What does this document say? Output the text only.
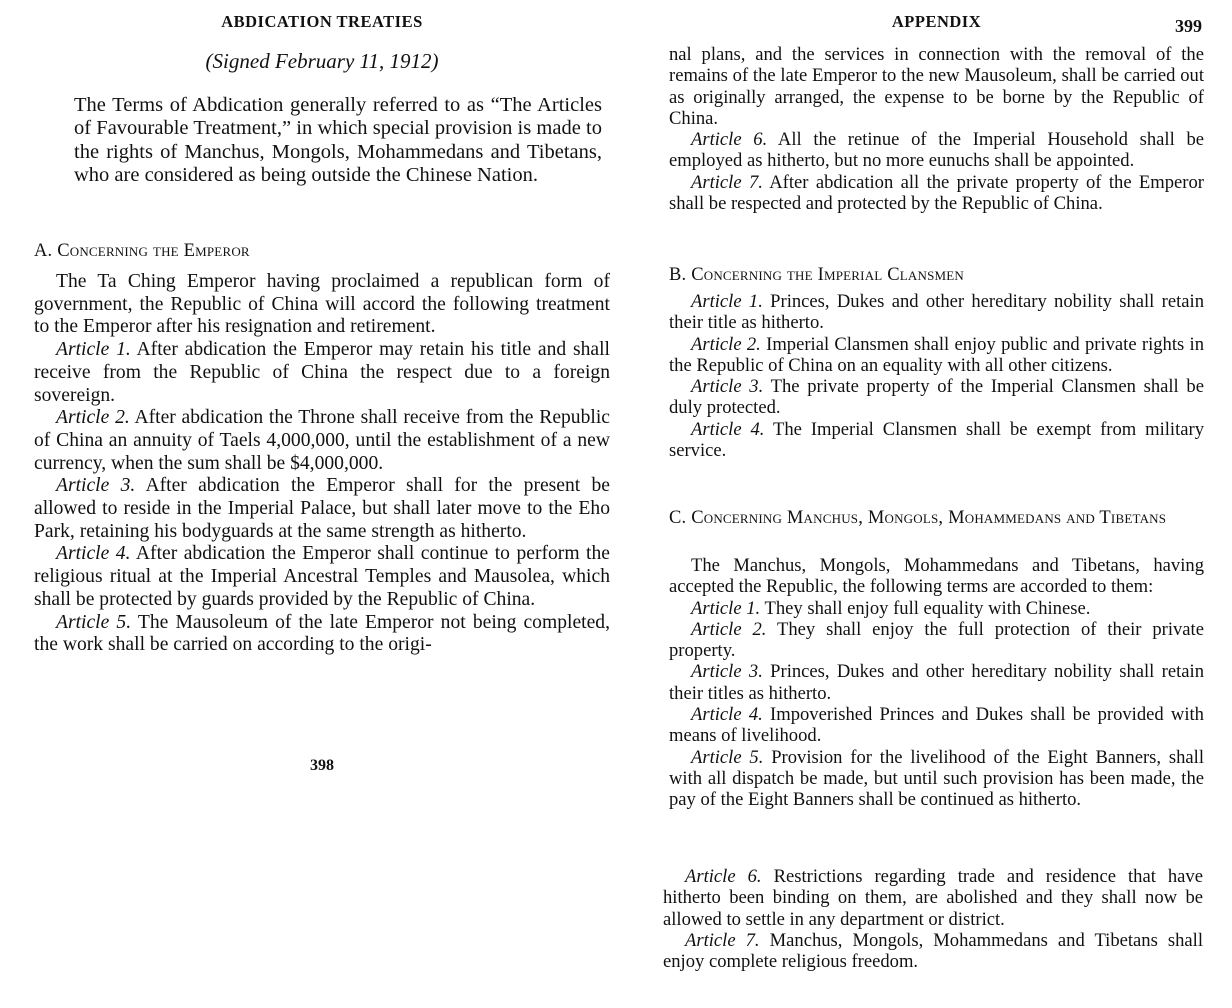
ABDICATION TREATIES
(Signed February 11, 1912)
The Terms of Abdication generally referred to as “The Articles of Favourable Treatment,” in which special provision is made to the rights of Manchus, Mongols, Mohammedans and Tibetans, who are considered as being outside the Chinese Nation.
A. Concerning the Emperor

The Ta Ching Emperor having proclaimed a republican form of government, the Republic of China will accord the following treatment to the Emperor after his resignation and retirement.

Article 1. After abdication the Emperor may retain his title and shall receive from the Republic of China the respect due to a foreign sovereign.

Article 2. After abdication the Throne shall receive from the Republic of China an annuity of Taels 4,000,000, until the establishment of a new currency, when the sum shall be $4,000,000.

Article 3. After abdication the Emperor shall for the present be allowed to reside in the Imperial Palace, but shall later move to the Eho Park, retaining his bodyguards at the same strength as hitherto.

Article 4. After abdication the Emperor shall continue to perform the religious ritual at the Imperial Ancestral Temples and Mausolea, which shall be protected by guards provided by the Republic of China.

Article 5. The Mausoleum of the late Emperor not being completed, the work shall be carried on according to the origi-

398
APPENDIX	399

nal plans, and the services in connection with the removal of the remains of the late Emperor to the new Mausoleum, shall be carried out as originally arranged, the expense to be borne by the Republic of China.

Article 6. All the retinue of the Imperial Household shall be employed as hitherto, but no more eunuchs shall be appointed.

Article 7. After abdication all the private property of the Emperor shall be respected and protected by the Republic of China.

B. Concerning the Imperial Clansmen

Article 1. Princes, Dukes and other hereditary nobility shall retain their title as hitherto.

Article 2. Imperial Clansmen shall enjoy public and private rights in the Republic of China on an equality with all other citizens.

Article 3. The private property of the Imperial Clansmen shall be duly protected.

Article 4. The Imperial Clansmen shall be exempt from military service.

C. Concerning Manchus, Mongols, Mohammedans and Tibetans

The Manchus, Mongols, Mohammedans and Tibetans, having accepted the Republic, the following terms are accorded to them:

Article 1. They shall enjoy full equality with Chinese.

Article 2. They shall enjoy the full protection of their private property.

Article 3. Princes, Dukes and other hereditary nobility shall retain their titles as hitherto.

Article 4. Impoverished Princes and Dukes shall be provided with means of livelihood.

Article 5. Provision for the livelihood of the Eight Banners, shall with all dispatch be made, but until such provision has been made, the pay of the Eight Banners shall be continued as hitherto.

Article 6. Restrictions regarding trade and residence that have hitherto been binding on them, are abolished and they shall now be allowed to settle in any department or district.

Article 7. Manchus, Mongols, Mohammedans and Tibetans shall enjoy complete religious freedom.
